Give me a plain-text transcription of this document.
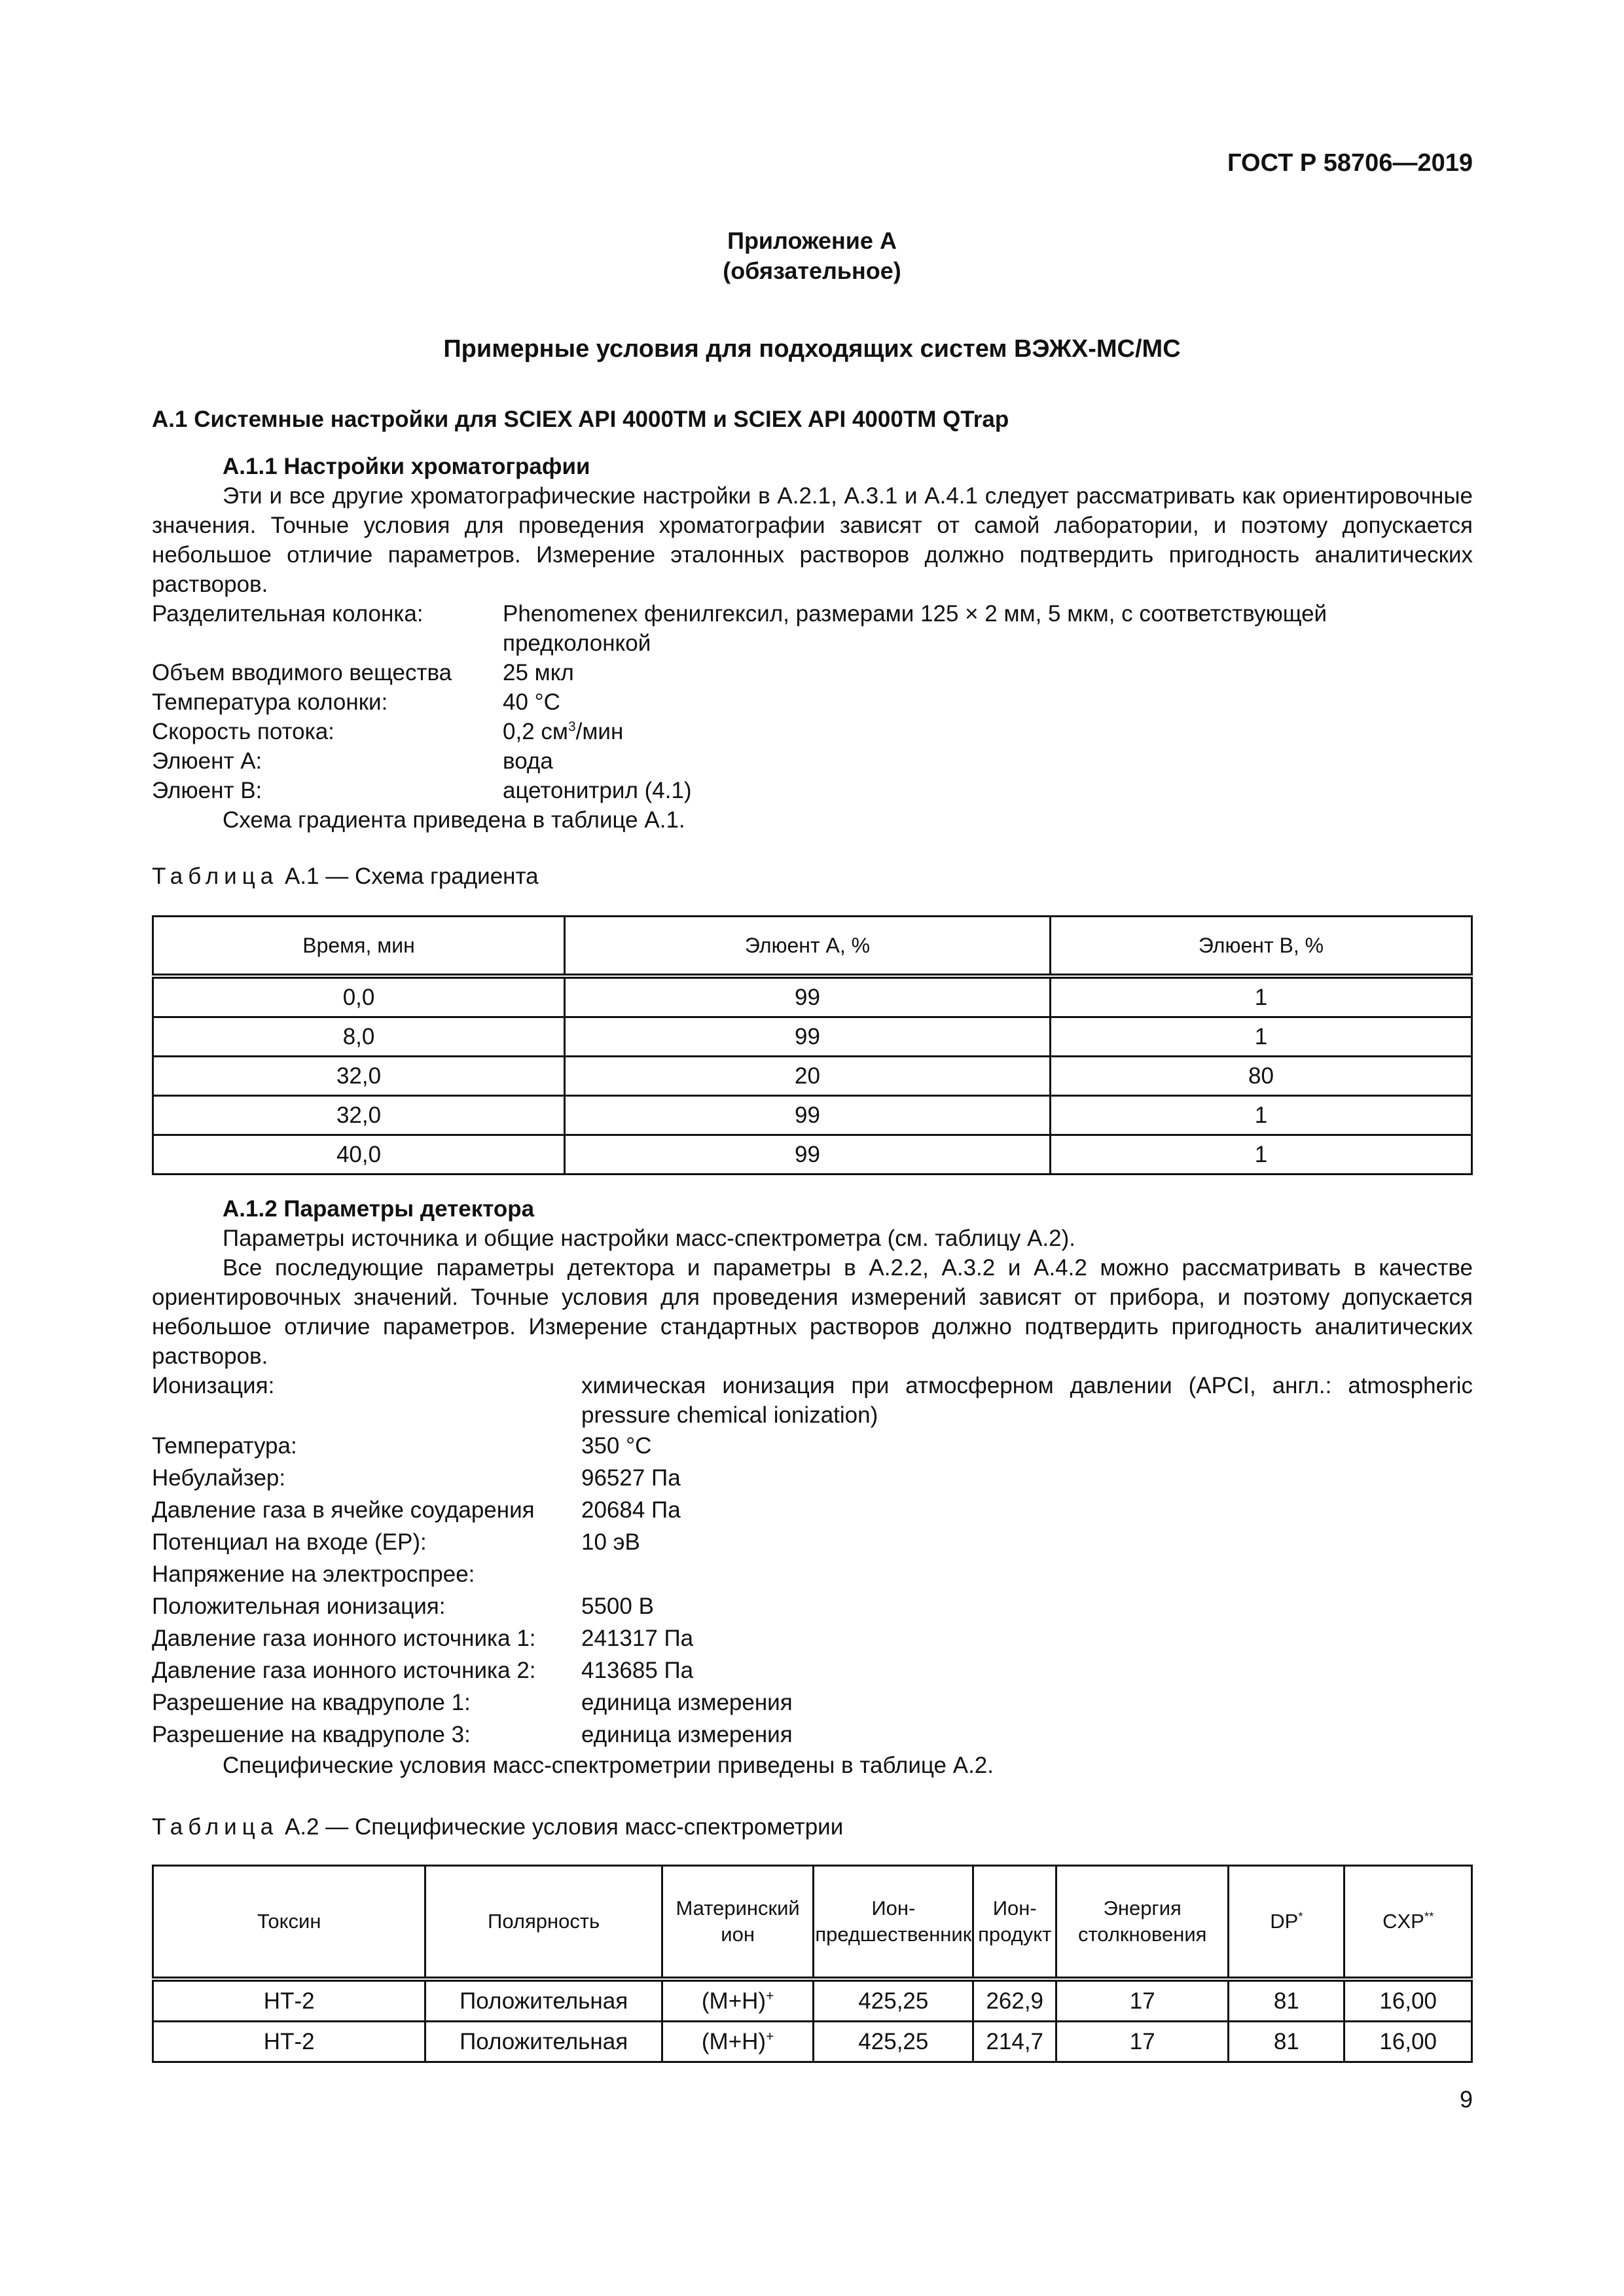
ГОСТ Р 58706—2019
Приложение А
(обязательное)
Примерные условия для подходящих систем ВЭЖХ-МС/МС
А.1 Системные настройки для SCIEX API 4000TM и SCIEX API 4000TM QTrap
А.1.1 Настройки хроматографии

Эти и все другие хроматографические настройки в А.2.1, А.3.1 и А.4.1 следует рассматривать как ориентировочные значения. Точные условия для проведения хроматографии зависят от самой лаборатории, и поэтому допускается небольшое отличие параметров. Измерение эталонных растворов должно подтвердить пригодность аналитических растворов.

Разделительная колонка:	Phenomenex фенилгексил, размерами 125 × 2 мм, 5 мкм, с соответствующей предколонкой
Объем вводимого вещества	25 мкл
Температура колонки:	40 °С
Скорость потока:	0,2 $см^3$/мин
Элюент А:	вода
Элюент В:	ацетонитрил (4.1)
Схема градиента приведена в таблице А.1.
Таблица А.1 — Схема градиента
Время, мин	Элюент А, %	Элюент В, %
0,0	99	1
8,0	99	1
32,0	20	80
32,0	99	1
40,0	99	1
А.1.2 Параметры детектора

Параметры источника и общие настройки масс-спектрометра (см. таблицу А.2).

Все последующие параметры детектора и параметры в А.2.2, А.3.2 и А.4.2 можно рассматривать в качестве ориентировочных значений. Точные условия для проведения измерений зависят от прибора, и поэтому допускается небольшое отличие параметров. Измерение стандартных растворов должно подтвердить пригодность аналитических растворов.

Ионизация:	химическая ионизация при атмосферном давлении (APCI, англ.: atmospheric pressure chemical ionization)
Температура:	350 °С
Небулайзер:	96527 Па
Давление газа в ячейке соударения	20684 Па
Потенциал на входе (EP):	10 эВ
Напряжение на электроспрее:
Положительная ионизация:	5500 В
Давление газа ионного источника 1:	241317 Па
Давление газа ионного источника 2:	413685 Па
Разрешение на квадруполе 1:	единица измерения
Разрешение на квадруполе 3:	единица измерения
Специфические условия масс-спектрометрии приведены в таблице А.2.
Таблица А.2 — Специфические условия масс-спектрометрии
Токсин	Полярность	Материнский ион	Ион-предшественник	Ион-продукт	Энергия столкновения	DP*	CXP**
НТ-2	Положительная	(M+H)+	425,25	262,9	17	81	16,00
НТ-2	Положительная	(M+H)+	425,25	214,7	17	81	16,00
9
